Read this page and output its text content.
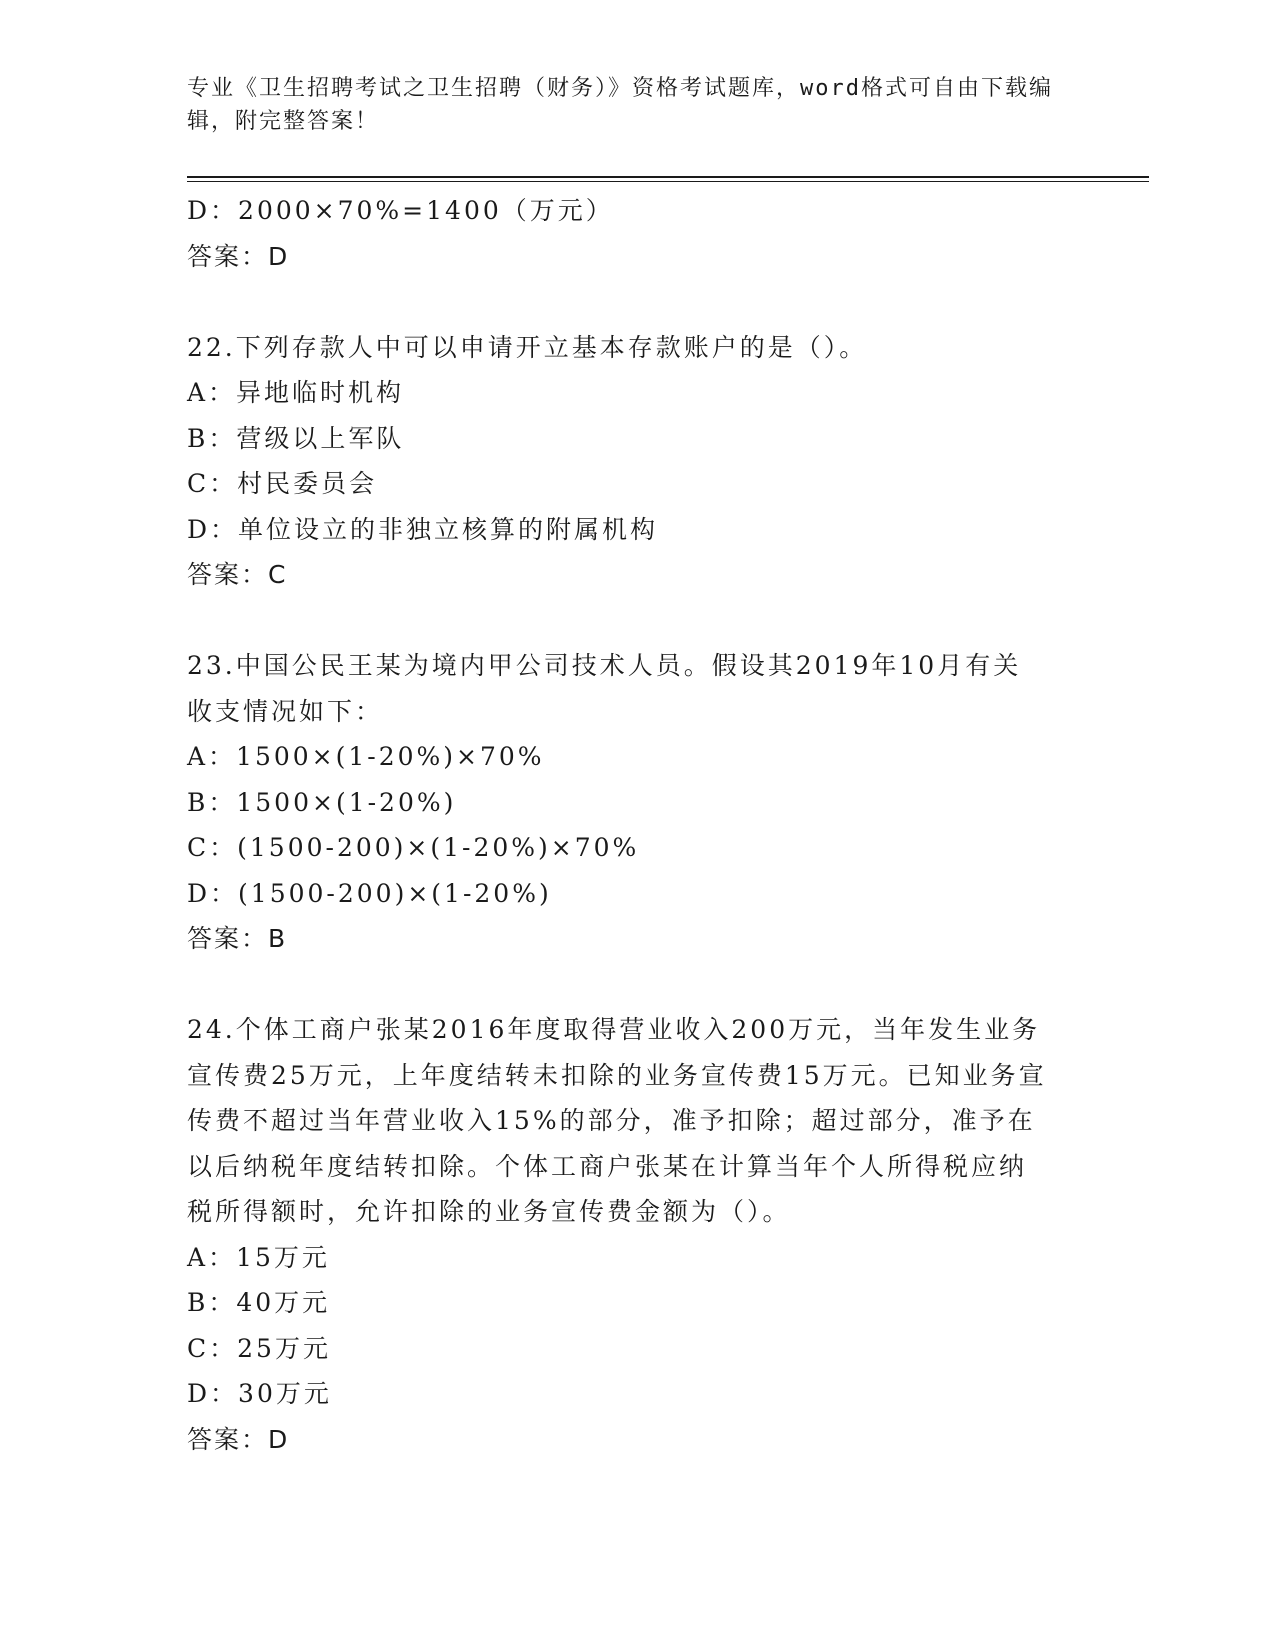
专业《卫生招聘考试之卫生招聘（财务）》资格考试题库，word格式可自由下载编辑，附完整答案！
D：2000×70%=1400（万元）
答案：D
22.下列存款人中可以申请开立基本存款账户的是（）。
A：异地临时机构
B：营级以上军队
C：村民委员会
D：单位设立的非独立核算的附属机构
答案：C
23.中国公民王某为境内甲公司技术人员。假设其2019年10月有关收支情况如下：
A：1500×(1-20%)×70%
B：1500×(1-20%)
C：(1500-200)×(1-20%)×70%
D：(1500-200)×(1-20%)
答案：B
24.个体工商户张某2016年度取得营业收入200万元，当年发生业务宣传费25万元，上年度结转未扣除的业务宣传费15万元。已知业务宣传费不超过当年营业收入15%的部分，准予扣除；超过部分，准予在以后纳税年度结转扣除。个体工商户张某在计算当年个人所得税应纳税所得额时，允许扣除的业务宣传费金额为（）。
A：15万元
B：40万元
C：25万元
D：30万元
答案：D
